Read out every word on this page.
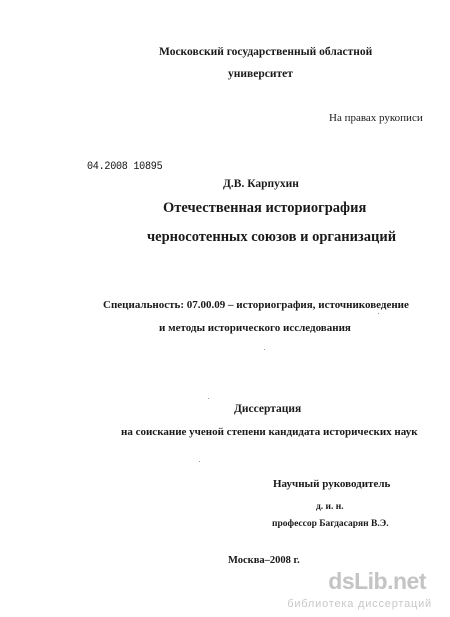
Московский государственный областной
университет
На правах рукописи
04.2008 10895
Д.В. Карпухин
Отечественная историография
черносотенных союзов и организаций
Специальность: 07.00.09 – историография, источниковедение
и методы исторического исследования
Диссертация
на соискание ученой степени кандидата исторических наук
Научный руководитель
д. и. н.
профессор Багдасарян В.Э.
Москва–2008 г.
dsLib.net
библиотека диссертаций
